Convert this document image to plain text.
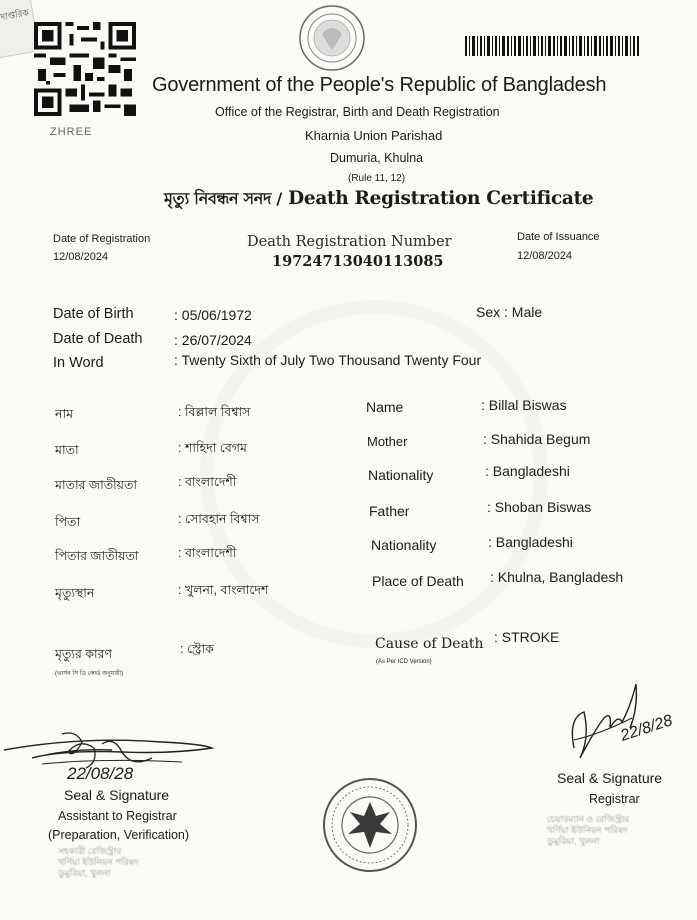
দাপ্তরিক
ZHREE
Government of the People's Republic of Bangladesh
Office of the Registrar, Birth and Death Registration
Kharnia Union Parishad
Dumuria, Khulna
(Rule 11, 12)
মৃত্যু নিবন্ধন সনদ / Death Registration Certificate
Date of Registration
12/08/2024
Death Registration Number
19724713040113085
Date of Issuance
12/08/2024
Date of Birth	: 05/06/1972	Sex : Male
Date of Death : 26/07/2024
In Word	: Twenty Sixth of July Two Thousand Twenty Four
নাম	: বিল্লাল বিশ্বাস
মাতা	: শাহিদা বেগম
মাতার জাতীয়তা	: বাংলাদেশী
পিতা	: সোবহান বিশ্বাস
পিতার জাতীয়তা	: বাংলাদেশী
মৃত্যুস্থান	: খুলনা, বাংলাদেশ
মৃত্যুর কারণ
(ভার্সন সি ডি কোর্ড অনুযায়ী)
: স্ট্রোক
Name	: Billal Biswas
Mother	: Shahida Begum
Nationality	: Bangladeshi
Father	: Shoban Biswas
Nationality	: Bangladeshi
Place of Death : Khulna, Bangladesh
Cause of Death
(As Per ICD Version)
: STROKE
22/08/28
Seal & Signature
Assistant to Registrar
(Preparation, Verification)
সহকারী রেজিস্ট্রার
খর্ণিয়া ইউনিয়ন পরিষদ
ডুমুরিয়া, খুলনা
22/8/28
Seal & Signature
Registrar
চেয়ারম্যান ও রেজিস্ট্রার
খর্ণিয়া ইউনিয়ন পরিষদ
ডুমুরিয়া, খুলনা
